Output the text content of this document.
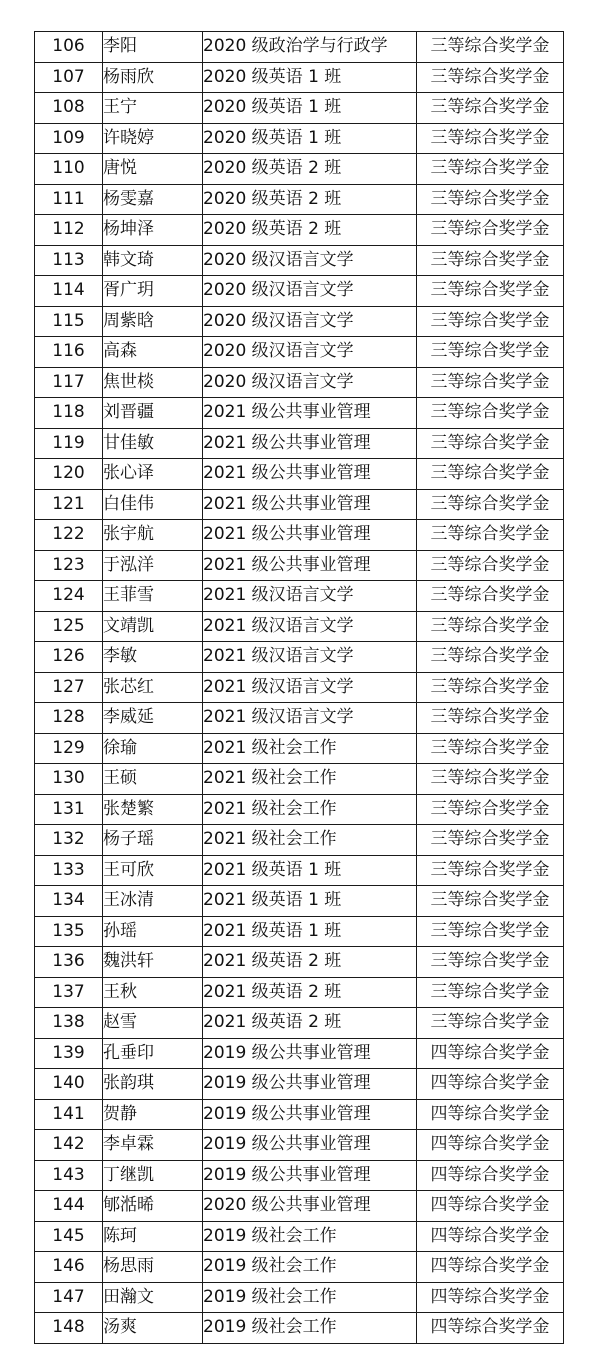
106	李阳	2020 级政治学与行政学	三等综合奖学金
107	杨雨欣	2020 级英语 1 班	三等综合奖学金
108	王宁	2020 级英语 1 班	三等综合奖学金
109	许晓婷	2020 级英语 1 班	三等综合奖学金
110	唐悦	2020 级英语 2 班	三等综合奖学金
111	杨雯嘉	2020 级英语 2 班	三等综合奖学金
112	杨坤泽	2020 级英语 2 班	三等综合奖学金
113	韩文琦	2020 级汉语言文学	三等综合奖学金
114	胥广玥	2020 级汉语言文学	三等综合奖学金
115	周紫晗	2020 级汉语言文学	三等综合奖学金
116	高森	2020 级汉语言文学	三等综合奖学金
117	焦世棪	2020 级汉语言文学	三等综合奖学金
118	刘晋疆	2021 级公共事业管理	三等综合奖学金
119	甘佳敏	2021 级公共事业管理	三等综合奖学金
120	张心译	2021 级公共事业管理	三等综合奖学金
121	白佳伟	2021 级公共事业管理	三等综合奖学金
122	张宇航	2021 级公共事业管理	三等综合奖学金
123	于泓洋	2021 级公共事业管理	三等综合奖学金
124	王菲雪	2021 级汉语言文学	三等综合奖学金
125	文靖凯	2021 级汉语言文学	三等综合奖学金
126	李敏	2021 级汉语言文学	三等综合奖学金
127	张芯红	2021 级汉语言文学	三等综合奖学金
128	李威延	2021 级汉语言文学	三等综合奖学金
129	徐瑜	2021 级社会工作	三等综合奖学金
130	王硕	2021 级社会工作	三等综合奖学金
131	张楚繁	2021 级社会工作	三等综合奖学金
132	杨子瑶	2021 级社会工作	三等综合奖学金
133	王可欣	2021 级英语 1 班	三等综合奖学金
134	王冰清	2021 级英语 1 班	三等综合奖学金
135	孙瑶	2021 级英语 1 班	三等综合奖学金
136	魏洪轩	2021 级英语 2 班	三等综合奖学金
137	王秋	2021 级英语 2 班	三等综合奖学金
138	赵雪	2021 级英语 2 班	三等综合奖学金
139	孔垂印	2019 级公共事业管理	四等综合奖学金
140	张韵琪	2019 级公共事业管理	四等综合奖学金
141	贺静	2019 级公共事业管理	四等综合奖学金
142	李卓霖	2019 级公共事业管理	四等综合奖学金
143	丁继凯	2019 级公共事业管理	四等综合奖学金
144	郇湉晞	2020 级公共事业管理	四等综合奖学金
145	陈珂	2019 级社会工作	四等综合奖学金
146	杨思雨	2019 级社会工作	四等综合奖学金
147	田瀚文	2019 级社会工作	四等综合奖学金
148	汤爽	2019 级社会工作	四等综合奖学金
